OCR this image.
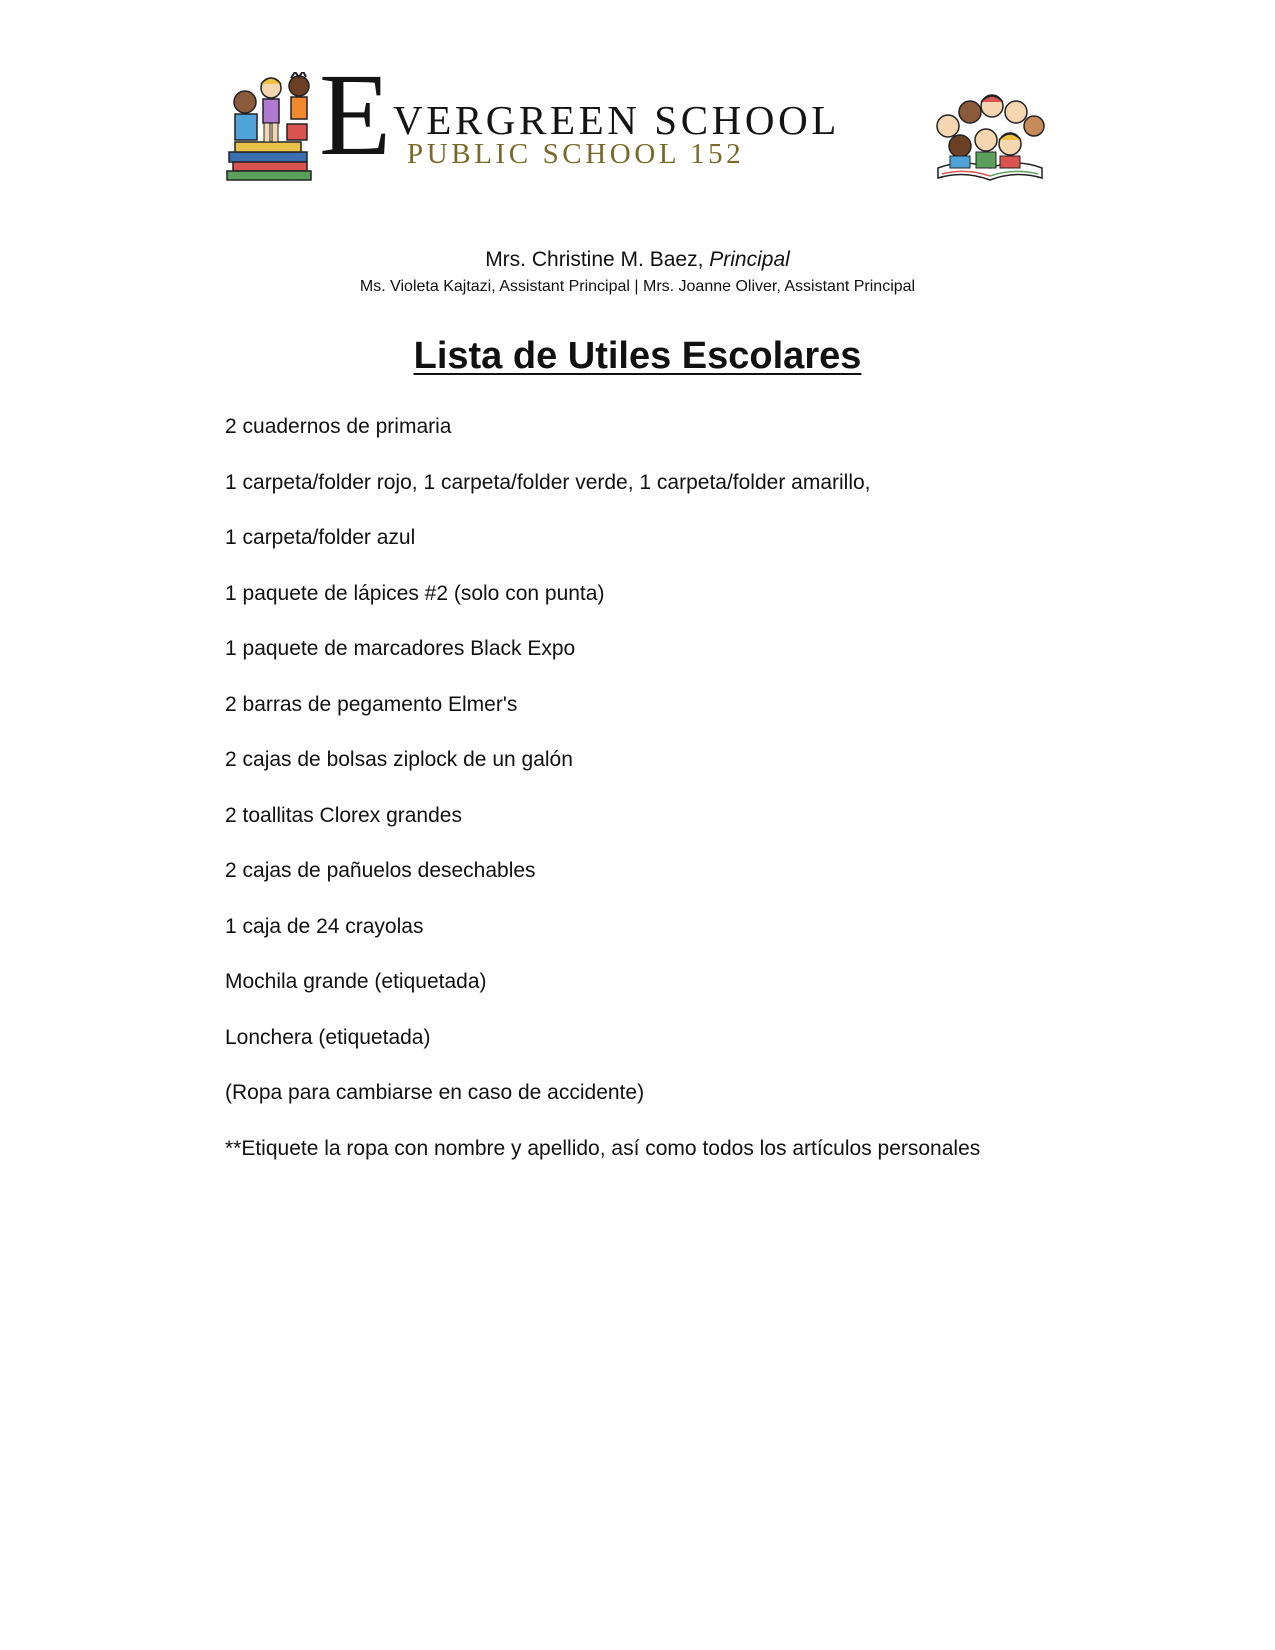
E VERGREEN SCHOOL
PUBLIC SCHOOL 152
Mrs. Christine M. Baez, Principal
Ms. Violeta Kajtazi, Assistant Principal | Mrs. Joanne Oliver, Assistant Principal
Lista de Utiles Escolares
2 cuadernos de primaria
1 carpeta/folder rojo, 1 carpeta/folder verde, 1 carpeta/folder amarillo,
1 carpeta/folder azul
1 paquete de lápices #2 (solo con punta)
1 paquete de marcadores Black Expo
2 barras de pegamento Elmer's
2 cajas de bolsas ziplock de un galón
2 toallitas Clorex grandes
2 cajas de pañuelos desechables
1 caja de 24 crayolas
Mochila grande (etiquetada)
Lonchera (etiquetada)
(Ropa para cambiarse en caso de accidente)
**Etiquete la ropa con nombre y apellido, así como todos los artículos personales
